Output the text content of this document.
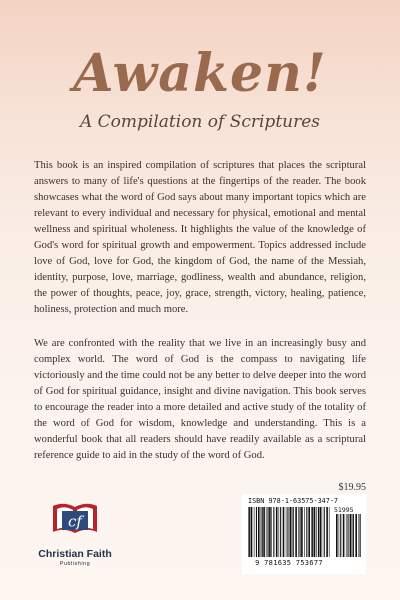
Awaken!

A Compilation of Scriptures

This book is an inspired compilation of scriptures that places the scriptural answers to many of life's questions at the fingertips of the reader. The book showcases what the word of God says about many important topics which are relevant to every individual and necessary for physical, emotional and mental wellness and spiritual wholeness. It highlights the value of the knowledge of God's word for spiritual growth and empowerment. Topics addressed include love of God, love for God, the kingdom of God, the name of the Messiah, identity, purpose, love, marriage, godliness, wealth and abundance, religion, the power of thoughts, peace, joy, grace, strength, victory, healing, patience, holiness, protection and much more.

We are confronted with the reality that we live in an increasingly busy and complex world. The word of God is the compass to navigating life victoriously and the time could not be any better to delve deeper into the word of God for spiritual guidance, insight and divine navigation. This book serves to encourage the reader into a more detailed and active study of the totality of the word of God for wisdom, knowledge and understanding. This is a wonderful book that all readers should have readily available as a scriptural reference guide to aid in the study of the word of God.

$19.95

cf
Christian Faith
Publishing
ISBN 978-1-63575-347-7
51995
9 781635 753677
